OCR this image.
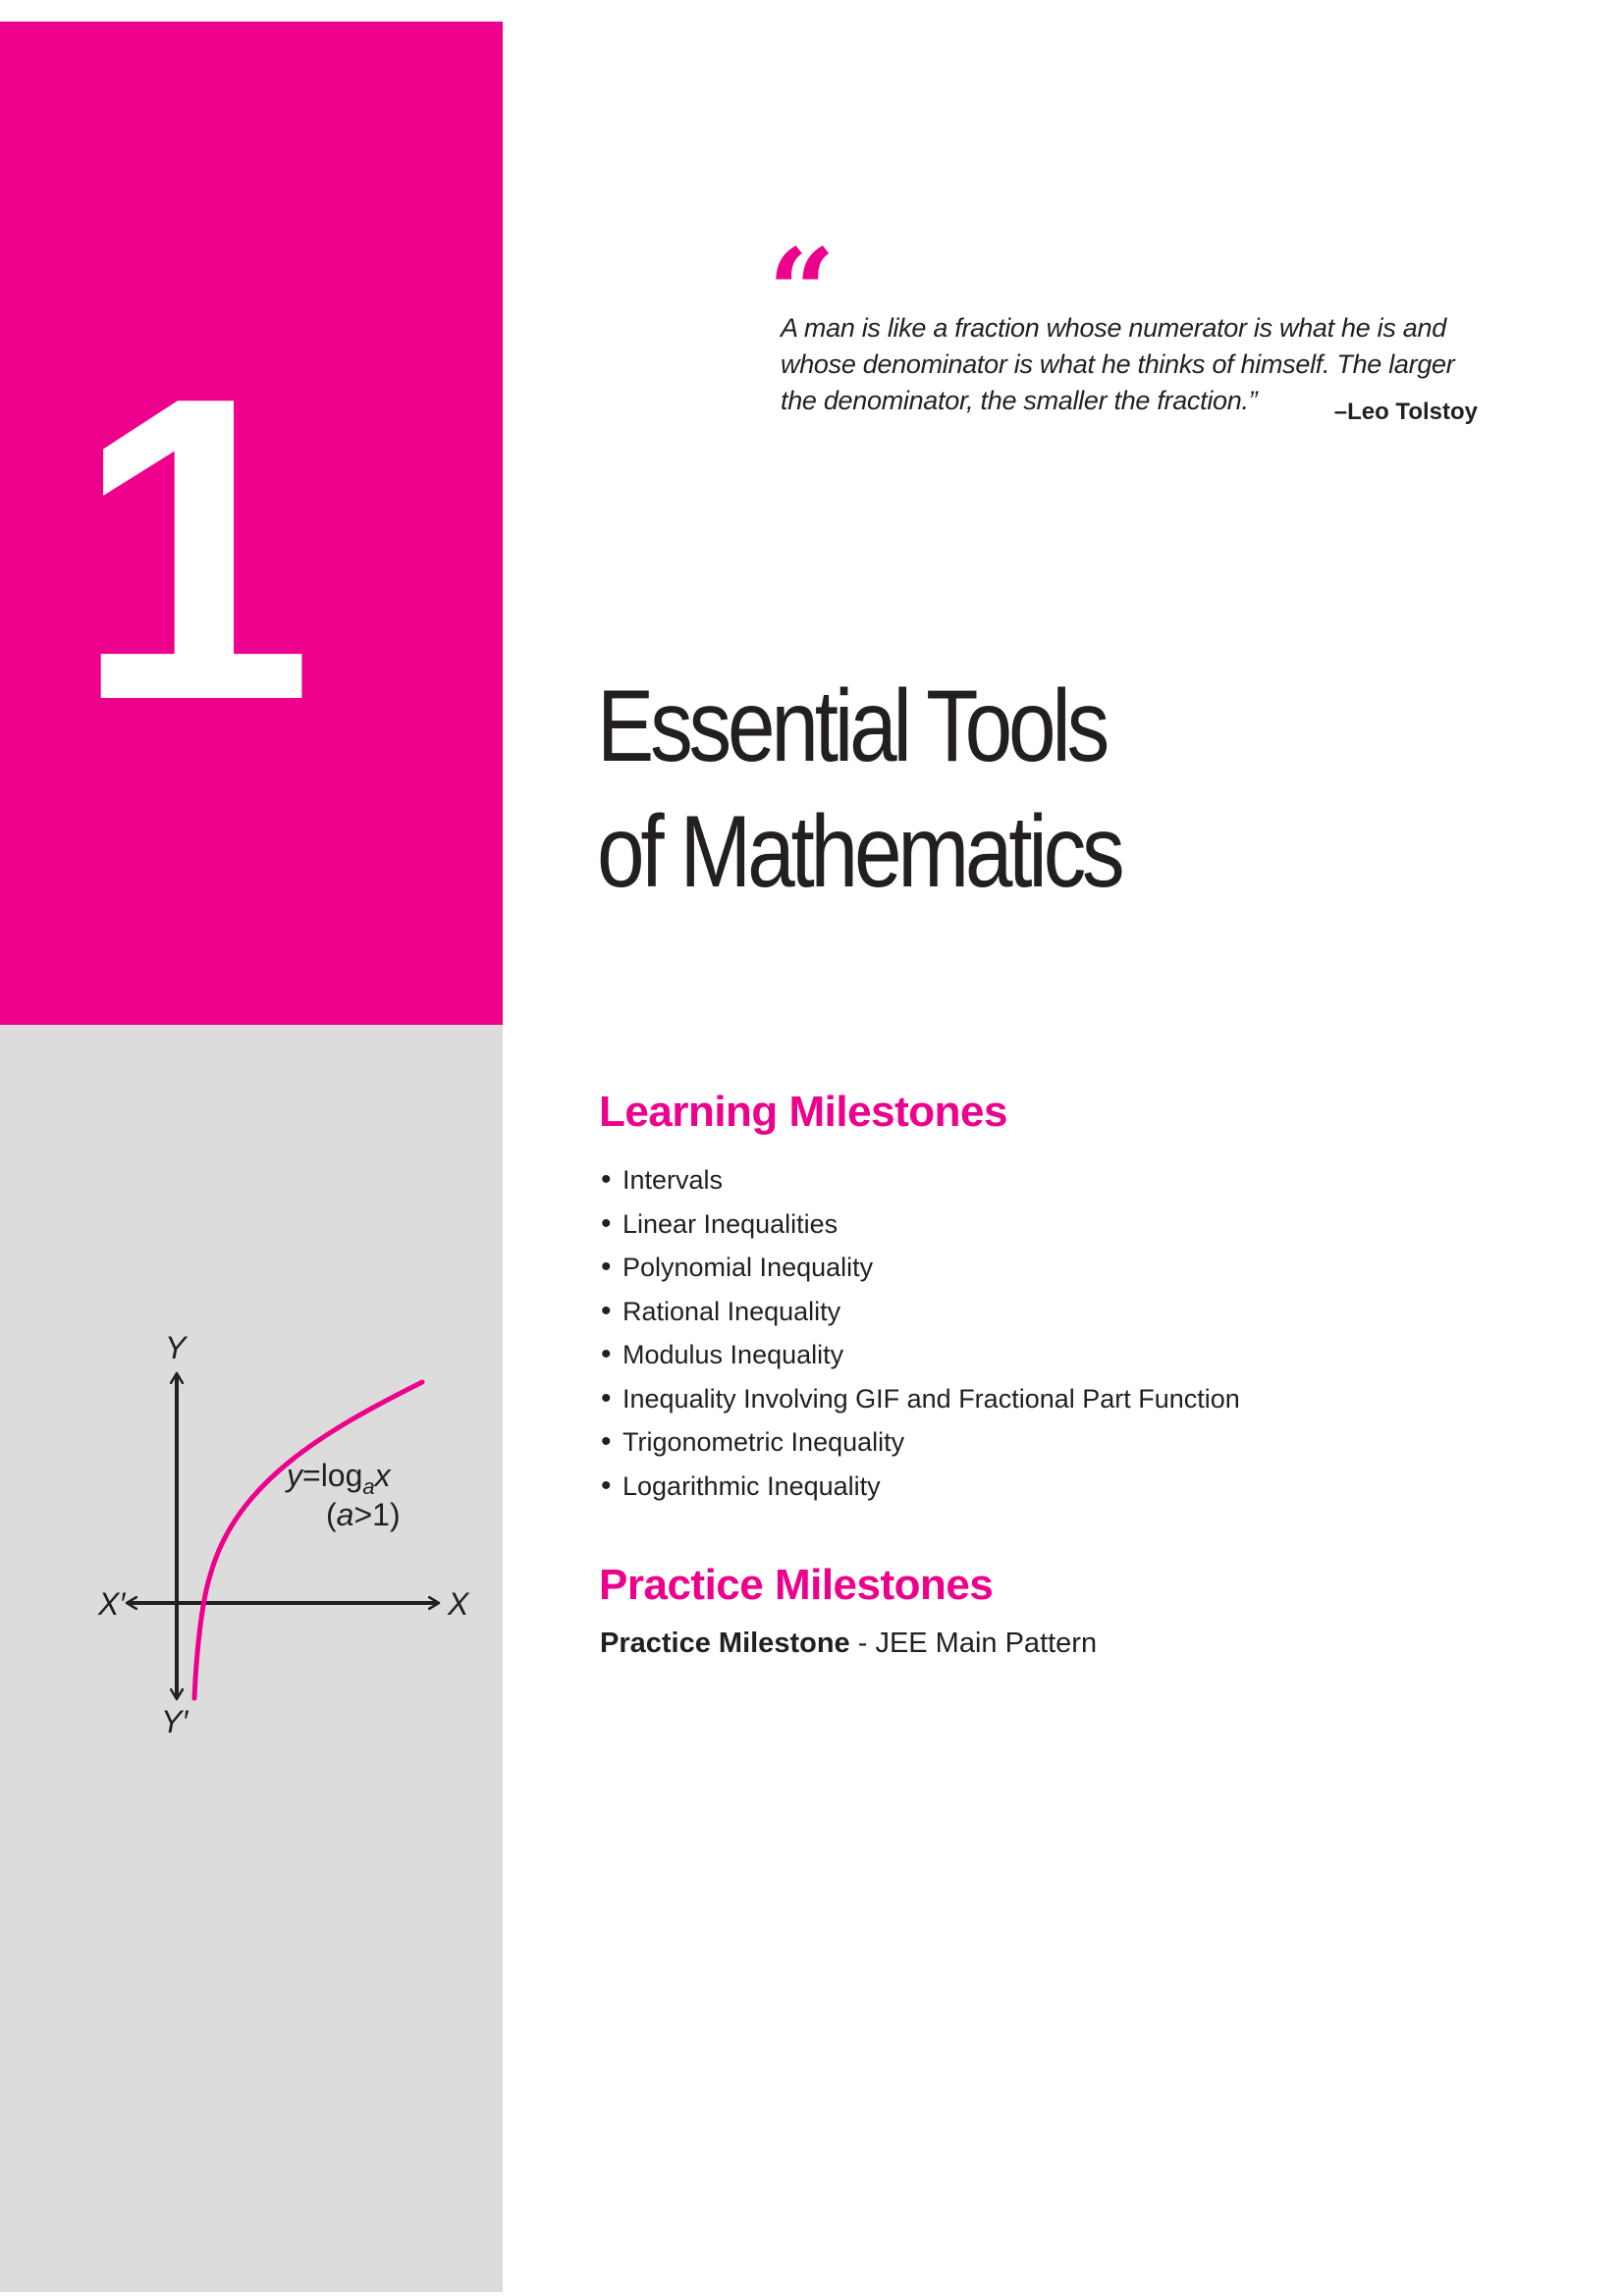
1
“
A man is like a fraction whose numerator is what he is and
whose denominator is what he thinks of himself. The larger
the denominator, the smaller the fraction.”	–Leo Tolstoy
Essential Tools
of Mathematics
Learning Milestones
• Intervals
• Linear Inequalities
• Polynomial Inequality
• Rational Inequality
• Modulus Inequality
• Inequality Involving GIF and Fractional Part Function
• Trigonometric Inequality
• Logarithmic Inequality
Practice Milestones
Practice Milestone - JEE Main Pattern
Y
Y′
X
X′
$y=\log_ax$
(a>1)
